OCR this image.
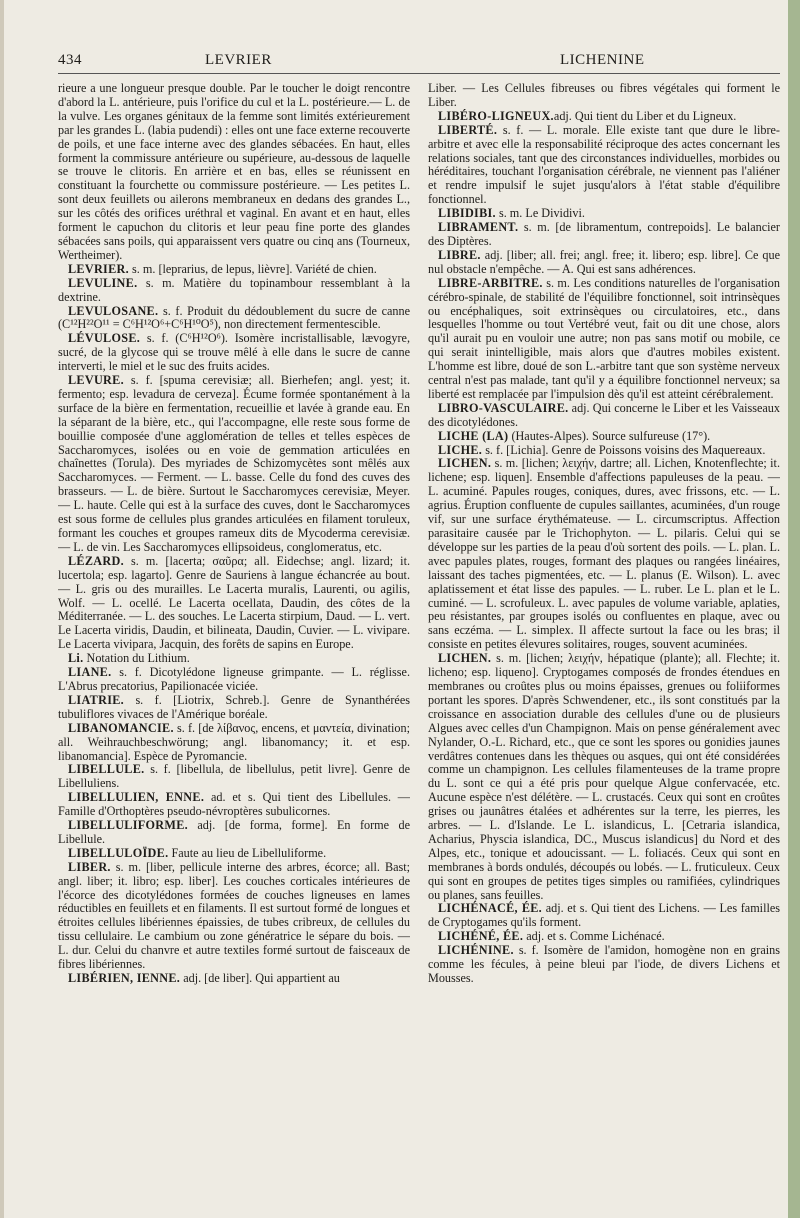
434	LEVRIER	LICHENINE

rieure a une longueur presque double. Par le toucher le doigt rencontre d'abord la L. antérieure, puis l'orifice du cul et la L. postérieure.— L. de la vulve. Les organes génitaux de la femme sont limités extérieurement par les grandes L. (labia pudendi) : elles ont une face externe recouverte de poils, et une face interne avec des glandes sébacées. En haut, elles forment la commissure antérieure ou supérieure, au-dessous de laquelle se trouve le clitoris. En arrière et en bas, elles se réunissent en constituant la fourchette ou commissure postérieure. — Les petites L. sont deux feuillets ou ailerons membraneux en dedans des grandes L., sur les côtés des orifices uréthral et vaginal. En avant et en haut, elles forment le capuchon du clitoris et leur peau fine porte des glandes sébacées sans poils, qui apparaissent vers quatre ou cinq ans (Tourneux, Wertheimer).

LEVRIER. s. m. [leprarius, de lepus, lièvre]. Variété de chien.

LEVULINE. s. m. Matière du topinambour ressemblant à la dextrine.

LEVULOSANE. s. f. Produit du dédoublement du sucre de canne (C¹²H²²O¹¹ = C⁶H¹²O⁶+C⁶H¹⁰O⁵), non directement fermentescible.

LÉVULOSE. s. f. (C⁶H¹²O⁶). Isomère incristallisable, lævogyre, sucré, de la glycose qui se trouve mêlé à elle dans le sucre de canne interverti, le miel et le suc des fruits acides.

LEVURE. s. f. [spuma cerevisiæ; all. Bierhefen; angl. yest; it. fermento; esp. levadura de cerveza]. Écume formée spontanément à la surface de la bière en fermentation, recueillie et lavée à grande eau. En la séparant de la bière, etc., qui l'accompagne, elle reste sous forme de bouillie composée d'une agglomération de telles et telles espèces de Saccharomyces, isolées ou en voie de gemmation articulées en chaînettes (Torula). Des myriades de Schizomycètes sont mêlés aux Saccharomyces. — Ferment. — L. basse. Celle du fond des cuves des brasseurs. — L. de bière. Surtout le Saccharomyces cerevisiæ, Meyer. — L. haute. Celle qui est à la surface des cuves, dont le Saccharomyces est sous forme de cellules plus grandes articulées en filament toruleux, formant les couches et groupes rameux dits de Mycoderma cerevisiæ. — L. de vin. Les Saccharomyces ellipsoideus, conglomeratus, etc.

LÉZARD. s. m. [lacerta; σαῦρα; all. Eidechse; angl. lizard; it. lucertola; esp. lagarto]. Genre de Sauriens à langue échancrée au bout. — L. gris ou des murailles. Le Lacerta muralis, Laurenti, ou agilis, Wolf. — L. ocellé. Le Lacerta ocellata, Daudin, des côtes de la Méditerranée. — L. des souches. Le Lacerta stirpium, Daud. — L. vert. Le Lacerta viridis, Daudin, et bilineata, Daudin, Cuvier. — L. vivipare. Le Lacerta vivipara, Jacquin, des forêts de sapins en Europe.

Li. Notation du Lithium.

LIANE. s. f. Dicotylédone ligneuse grimpante. — L. réglisse. L'Abrus precatorius, Papilionacée viciée.

LIATRIE. s. f. [Liotrix, Schreb.]. Genre de Synanthérées tubuliflores vivaces de l'Amérique boréale.

LIBANOMANCIE. s. f. [de λίβανος, encens, et μαντεία, divination; all. Weihrauchbeschwörung; angl. libanomancy; it. et esp. libanomancia]. Espèce de Pyromancie.

LIBELLULE. s. f. [libellula, de libellulus, petit livre]. Genre de Libelluliens.

LIBELLULIEN, ENNE. ad. et s. Qui tient des Libellules. — Famille d'Orthoptères pseudo-névroptères subulicornes.

LIBELLULIFORME. adj. [de forma, forme]. En forme de Libellule.

LIBELLULOÏDE. Faute au lieu de Libelluliforme.

LIBER. s. m. [liber, pellicule interne des arbres, écorce; all. Bast; angl. liber; it. libro; esp. liber]. Les couches corticales intérieures de l'écorce des dicotylédones formées de couches ligneuses en lames réductibles en feuillets et en filaments. Il est surtout formé de longues et étroites cellules libériennes épaissies, de tubes cribreux, de cellules du tissu cellulaire. Le cambium ou zone génératrice le sépare du bois. — L. dur. Celui du chanvre et autre textiles formé surtout de faisceaux de fibres libériennes.

LIBÉRIEN, IENNE. adj. [de liber]. Qui appartient au

Liber. — Les Cellules fibreuses ou fibres végétales qui forment le Liber.

LIBÉRO-LIGNEUX.adj. Qui tient du Liber et du Ligneux.

LIBERTÉ. s. f. — L. morale. Elle existe tant que dure le libre-arbitre et avec elle la responsabilité réciproque des actes concernant les relations sociales, tant que des circonstances individuelles, morbides ou héréditaires, touchant l'organisation cérébrale, ne viennent pas l'aliéner et rendre impulsif le sujet jusqu'alors à l'état stable d'équilibre fonctionnel.

LIBIDIBI. s. m. Le Dividivi.

LIBRAMENT. s. m. [de libramentum, contrepoids]. Le balancier des Diptères.

LIBRE. adj. [liber; all. frei; angl. free; it. libero; esp. libre]. Ce que nul obstacle n'empêche. — A. Qui est sans adhérences.

LIBRE-ARBITRE. s. m. Les conditions naturelles de l'organisation cérébro-spinale, de stabilité de l'équilibre fonctionnel, soit intrinsèques ou encéphaliques, soit extrinsèques ou circulatoires, etc., dans lesquelles l'homme ou tout Vertébré veut, fait ou dit une chose, alors qu'il aurait pu en vouloir une autre; non pas sans motif ou mobile, ce qui serait inintelligible, mais alors que d'autres mobiles existent. L'homme est libre, doué de son L.-arbitre tant que son système nerveux central n'est pas malade, tant qu'il y a équilibre fonctionnel nerveux; sa liberté est remplacée par l'impulsion dès qu'il est atteint cérébralement.

LIBRO-VASCULAIRE. adj. Qui concerne le Liber et les Vaisseaux des dicotylédones.

LICHE (LA) (Hautes-Alpes). Source sulfureuse (17°).

LICHE. s. f. [Lichia]. Genre de Poissons voisins des Maquereaux.

LICHEN. s. m. [lichen; λειχήν, dartre; all. Lichen, Knotenflechte; it. lichene; esp. liquen]. Ensemble d'affections papuleuses de la peau. — L. acuminé. Papules rouges, coniques, dures, avec frissons, etc. — L. agrius. Éruption confluente de cupules saillantes, acuminées, d'un rouge vif, sur une surface érythémateuse. — L. circumscriptus. Affection parasitaire causée par le Trichophyton. — L. pilaris. Celui qui se développe sur les parties de la peau d'où sortent des poils. — L. plan. L. avec papules plates, rouges, formant des plaques ou rangées linéaires, laissant des taches pigmentées, etc. — L. planus (E. Wilson). L. avec aplatissement et état lisse des papules. — L. ruber. Le L. plan et le L. cuminé. — L. scrofuleux. L. avec papules de volume variable, aplaties, peu résistantes, par groupes isolés ou confluentes en plaque, avec ou sans eczéma. — L. simplex. Il affecte surtout la face ou les bras; il consiste en petites élevures solitaires, rouges, souvent acuminées.

LICHEN. s. m. [lichen; λειχήν, hépatique (plante); all. Flechte; it. licheno; esp. liqueno]. Cryptogames composés de frondes étendues en membranes ou croûtes plus ou moins épaisses, grenues ou foliiformes portant les spores. D'après Schwendener, etc., ils sont constitués par la croissance en association durable des cellules d'une ou de plusieurs Algues avec celles d'un Champignon. Mais on pense généralement avec Nylander, O.-L. Richard, etc., que ce sont les spores ou gonidies jaunes verdâtres contenues dans les thèques ou asques, qui ont été considérées comme un champignon. Les cellules filamenteuses de la trame propre du L. sont ce qui a été pris pour quelque Algue confervacée, etc. Aucune espèce n'est délétère. — L. crustacés. Ceux qui sont en croûtes grises ou jaunâtres étalées et adhérentes sur la terre, les pierres, les arbres. — L. d'Islande. Le L. islandicus, L. [Cetraria islandica, Acharius, Physcia islandica, DC., Muscus islandicus] du Nord et des Alpes, etc., tonique et adoucissant. — L. foliacés. Ceux qui sont en membranes à bords ondulés, découpés ou lobés. — L. fruticuleux. Ceux qui sont en groupes de petites tiges simples ou ramifiées, cylindriques ou planes, sans feuilles.

LICHÉNACÉ, ÉE. adj. et s. Qui tient des Lichens. — Les familles de Cryptogames qu'ils forment.

LICHÉNÉ, ÉE. adj. et s. Comme Lichénacé.

LICHÉNINE. s. f. Isomère de l'amidon, homogène non en grains comme les fécules, à peine bleui par l'iode, de divers Lichens et Mousses.
